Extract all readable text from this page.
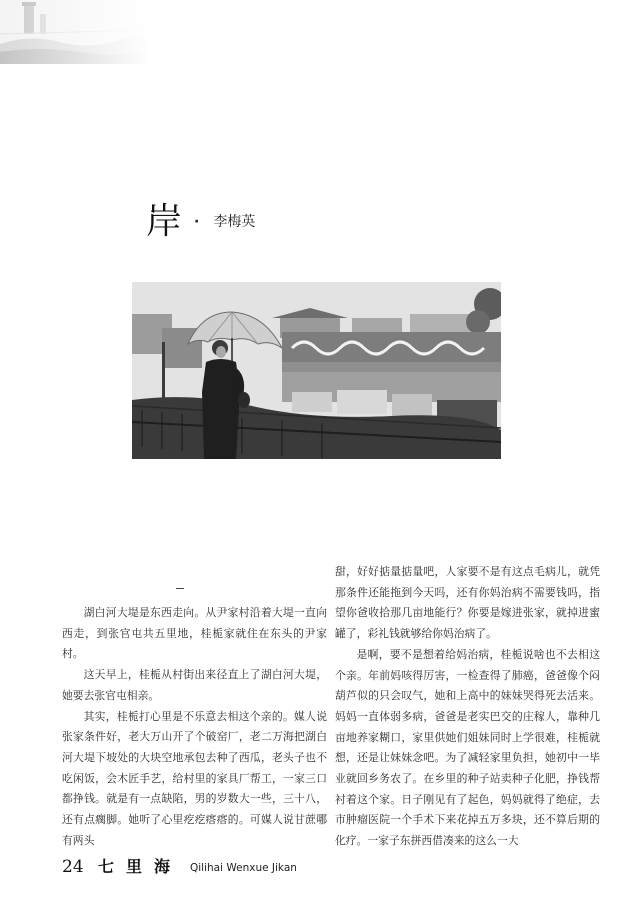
岸 · 李梅英

湖白河大堤是东西走向。从尹家村沿着大堤一直向西走，到张官屯共五里地，桂栀家就住在东头的尹家村。

这天早上，桂栀从村街出来径直上了湖白河大堤，她要去张官屯相亲。

其实，桂栀打心里是不乐意去相这个亲的。媒人说张家条件好，老大万山开了个破窑厂，老二万海把湖白河大堤下坡处的大块空地承包去种了西瓜，老头子也不吃闲饭，会木匠手艺，给村里的家具厂帮工，一家三口都挣钱。就是有一点缺陷，男的岁数大一些，三十八，还有点瘸脚。她听了心里疙疙瘩瘩的。可媒人说甘蔗哪有两头

甜，好好掂量掂量吧，人家要不是有这点毛病儿，就凭那条件还能拖到今天吗，还有你妈治病不需要钱吗，指望你爸收拾那几亩地能行？你要是嫁进张家，就掉进蜜罐了，彩礼钱就够给你妈治病了。

是啊，要不是想着给妈治病，桂栀说啥也不去相这个亲。年前妈咳得厉害，一检查得了肺癌，爸爸像个闷葫芦似的只会叹气，她和上高中的妹妹哭得死去活来。妈妈一直体弱多病，爸爸是老实巴交的庄稼人，靠种几亩地养家糊口，家里供她们姐妹同时上学很难，桂栀就想，还是让妹妹念吧。为了减轻家里负担，她初中一毕业就回乡务农了。在乡里的种子站卖种子化肥，挣钱帮衬着这个家。日子刚见有了起色，妈妈就得了绝症，去市肿瘤医院一个手术下来花掉五万多块，还不算后期的化疗。一家子东拼西借凑来的这么一大

24 七里海 Qilihai Wenxue Jikan
